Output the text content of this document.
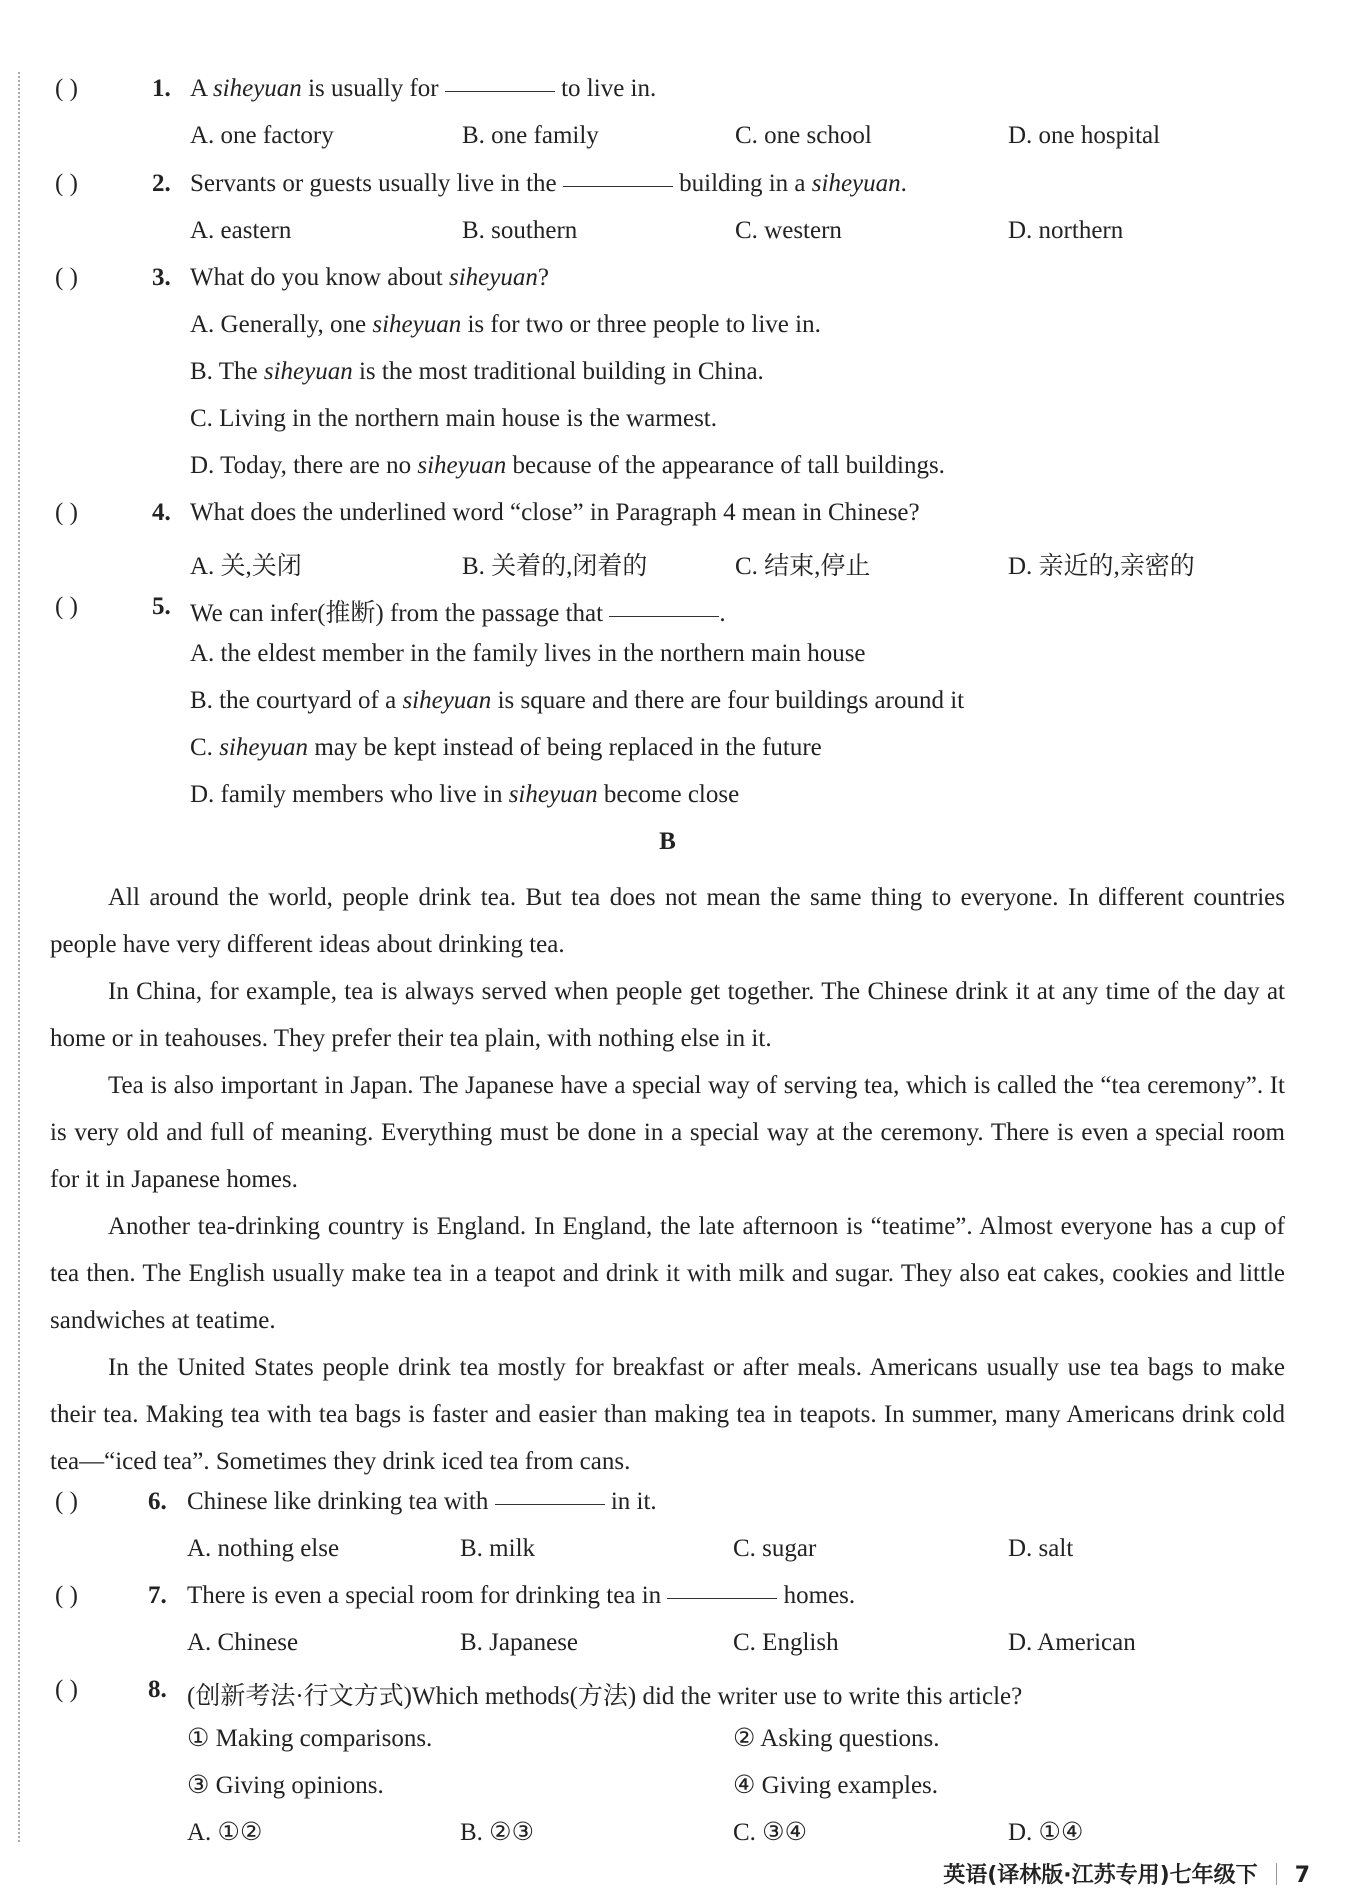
( )	1. A siheyuan is usually for	to live in.
A. one factory	B. one family	C. one school	D. one hospital
( )	2. Servants or guests usually live in the	building in a siheyuan.
A. eastern	B. southern	C. western	D. northern
( )	3. What do you know about siheyuan?
A. Generally, one siheyuan is for two or three people to live in.
B. The siheyuan is the most traditional building in China.
C. Living in the northern main house is the warmest.
D. Today, there are no siheyuan because of the appearance of tall buildings.
( )	4. What does the underlined word “close” in Paragraph 4 mean in Chinese?
A. 关,关闭	B. 关着的,闭着的	C. 结束,停止	D. 亲近的,亲密的
( )	5. We can infer(推断) from the passage that	.
A. the eldest member in the family lives in the northern main house
B. the courtyard of a siheyuan is square and there are four buildings around it
C. siheyuan may be kept instead of being replaced in the future
D. family members who live in siheyuan become close
B
All around the world, people drink tea. But tea does not mean the same thing to everyone. In different countries people have very different ideas about drinking tea.
In China, for example, tea is always served when people get together. The Chinese drink it at any time of the day at home or in teahouses. They prefer their tea plain, with nothing else in it.
Tea is also important in Japan. The Japanese have a special way of serving tea, which is called the “tea ceremony”. It is very old and full of meaning. Everything must be done in a special way at the ceremony. There is even a special room for it in Japanese homes.
Another tea-drinking country is England. In England, the late afternoon is “teatime”. Almost everyone has a cup of tea then. The English usually make tea in a teapot and drink it with milk and sugar. They also eat cakes, cookies and little sandwiches at teatime.
In the United States people drink tea mostly for breakfast or after meals. Americans usually use tea bags to make their tea. Making tea with tea bags is faster and easier than making tea in teapots. In summer, many Americans drink cold tea—“iced tea”. Sometimes they drink iced tea from cans.
( )	6. Chinese like drinking tea with	in it.
A. nothing else	B. milk	C. sugar	D. salt
( )	7. There is even a special room for drinking tea in	homes.
A. Chinese	B. Japanese	C. English	D. American
( )	8. (创新考法·行文方式)Which methods(方法) did the writer use to write this article?
① Making comparisons.	② Asking questions.
③ Giving opinions.	④ Giving examples.
A. ①②	B. ②③	C. ③④	D. ①④
英语(译林版·江苏专用)七年级下 7
